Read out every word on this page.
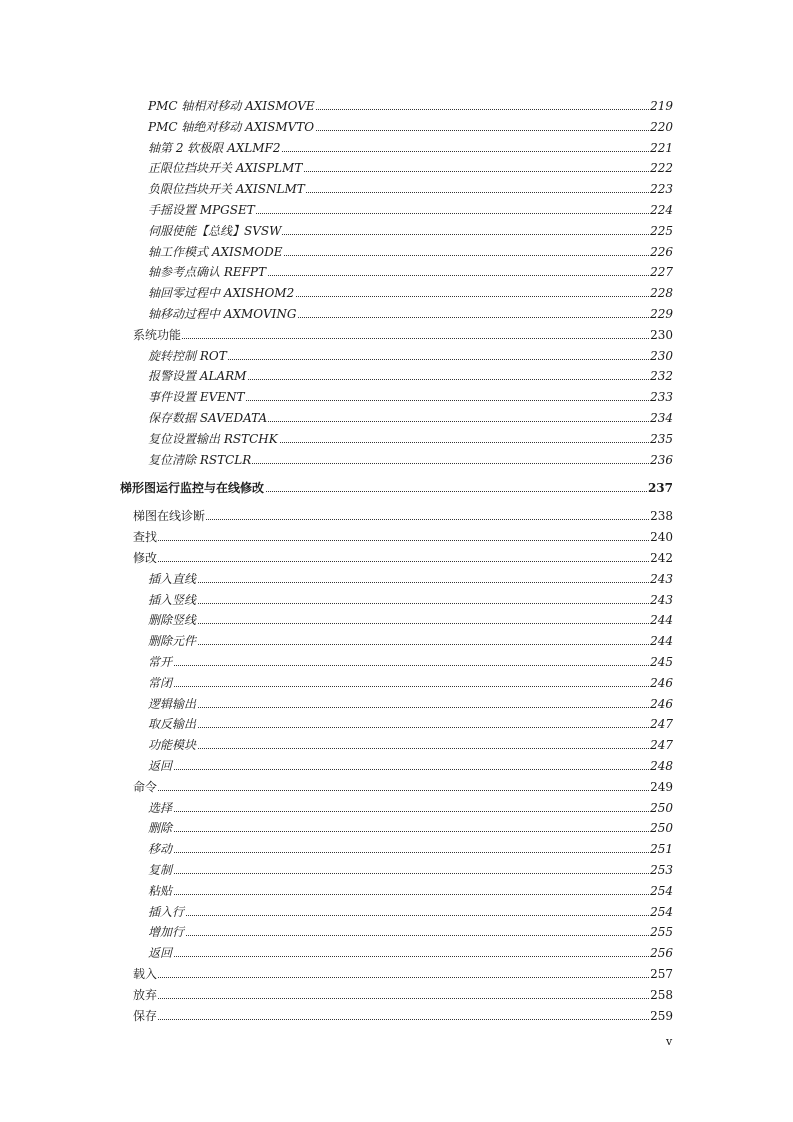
PMC 轴相对移动 AXISMOVE	219
PMC 轴绝对移动 AXISMVTO	220
轴第 2 软极限 AXLMF2	221
正限位挡块开关 AXISPLMT	222
负限位挡块开关 AXISNLMT	223
手摇设置 MPGSET	224
伺服使能【总线】SVSW	225
轴工作模式 AXISMODE	226
轴参考点确认 REFPT	227
轴回零过程中 AXISHOM2	228
轴移动过程中 AXMOVING	229
系统功能	230
旋转控制 ROT	230
报警设置 ALARM	232
事件设置 EVENT	233
保存数据 SAVEDATA	234
复位设置输出 RSTCHK	235
复位清除 RSTCLR	236
梯形图运行监控与在线修改	237
梯图在线诊断	238
查找	240
修改	242
插入直线	243
插入竖线	243
删除竖线	244
删除元件	244
常开	245
常闭	246
逻辑输出	246
取反输出	247
功能模块	247
返回	248
命令	249
选择	250
删除	250
移动	251
复制	253
粘贴	254
插入行	254
增加行	255
返回	256
载入	257
放弃	258
保存	259
v
